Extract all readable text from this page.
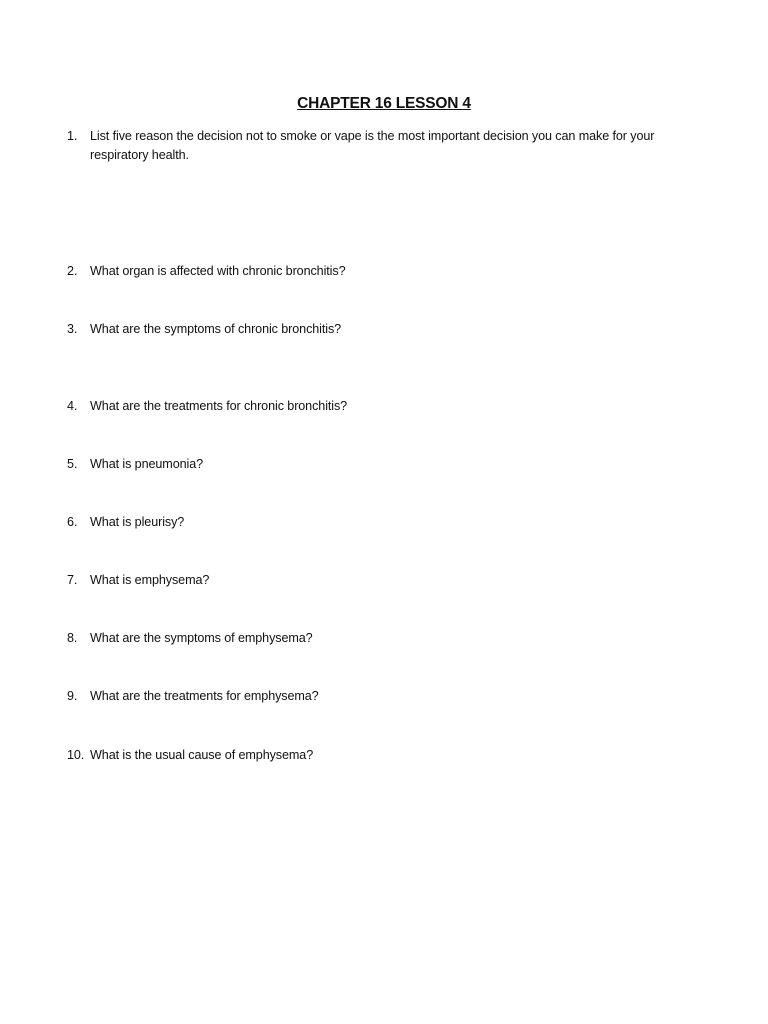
CHAPTER 16 LESSON 4
1.	List five reason the decision not to smoke or vape is the most important decision you can make for your respiratory health.
2.	What organ is affected with chronic bronchitis?
3.	What are the symptoms of chronic bronchitis?
4.	What are the treatments for chronic bronchitis?
5.	What is pneumonia?
6.	What is pleurisy?
7.	What is emphysema?
8.	What are the symptoms of emphysema?
9.	What are the treatments for emphysema?
10. What is the usual cause of emphysema?
